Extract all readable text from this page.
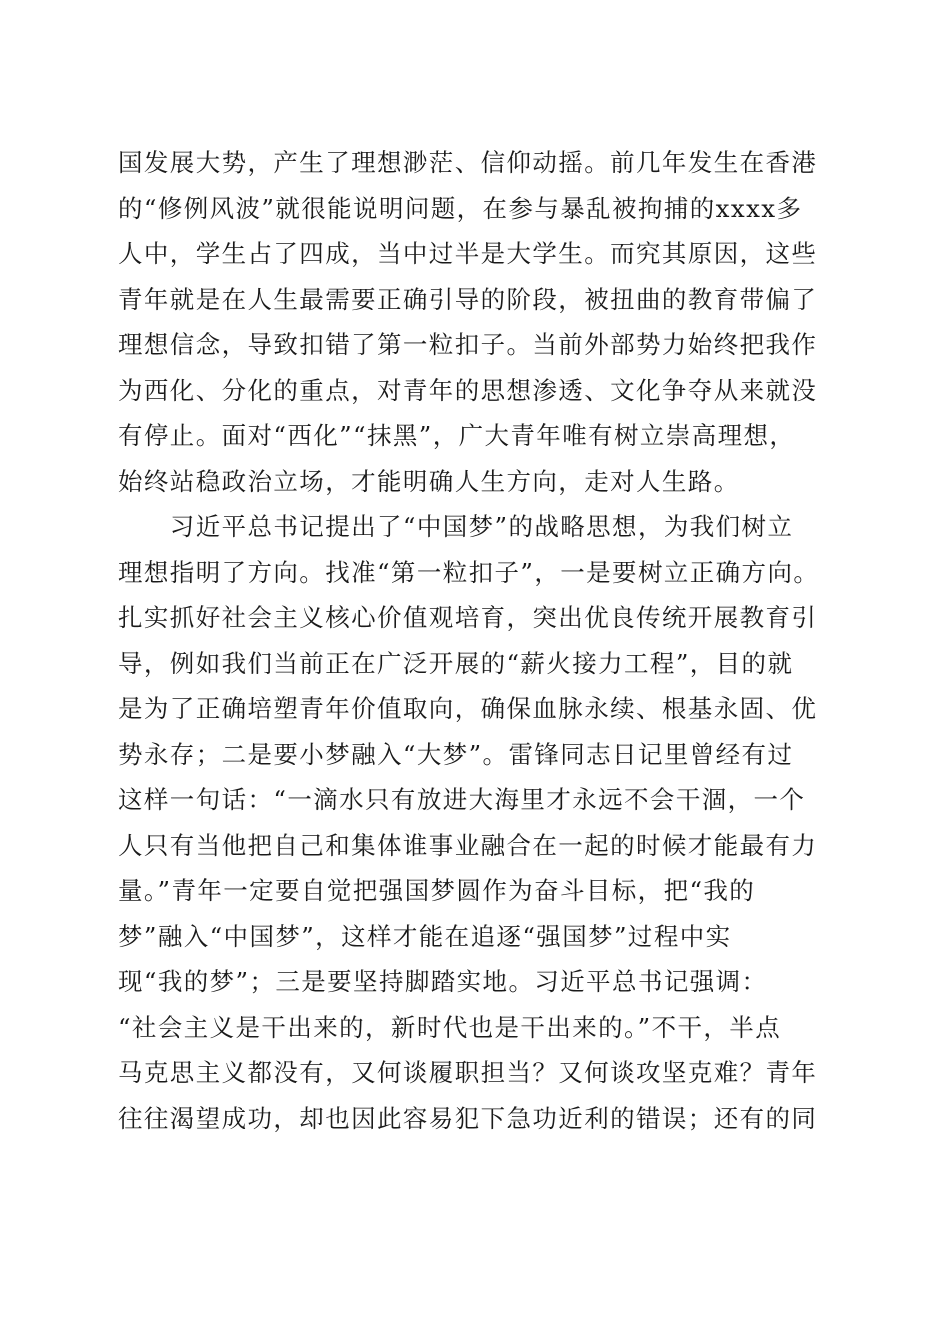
国发展大势，产生了理想渺茫、信仰动摇。前几年发生在香港
的“修例风波”就很能说明问题，在参与暴乱被拘捕的xxxx多
人中，学生占了四成，当中过半是大学生。而究其原因，这些
青年就是在人生最需要正确引导的阶段，被扭曲的教育带偏了
理想信念，导致扣错了第一粒扣子。当前外部势力始终把我作
为西化、分化的重点，对青年的思想渗透、文化争夺从来就没
有停止。面对“西化”“抹黑”，广大青年唯有树立崇高理想，
始终站稳政治立场，才能明确人生方向，走对人生路。
　　习近平总书记提出了“中国梦”的战略思想，为我们树立
理想指明了方向。找准“第一粒扣子”，一是要树立正确方向。
扎实抓好社会主义核心价值观培育，突出优良传统开展教育引
导，例如我们当前正在广泛开展的“薪火接力工程”，目的就
是为了正确培塑青年价值取向，确保血脉永续、根基永固、优
势永存；二是要小梦融入“大梦”。雷锋同志日记里曾经有过
这样一句话：“一滴水只有放进大海里才永远不会干涸，一个
人只有当他把自己和集体谁事业融合在一起的时候才能最有力
量。”青年一定要自觉把强国梦圆作为奋斗目标，把“我的
梦”融入“中国梦”，这样才能在追逐“强国梦”过程中实
现“我的梦”；三是要坚持脚踏实地。习近平总书记强调：
“社会主义是干出来的，新时代也是干出来的。”不干，半点
马克思主义都没有，又何谈履职担当？又何谈攻坚克难？青年
往往渴望成功，却也因此容易犯下急功近利的错误；还有的同
